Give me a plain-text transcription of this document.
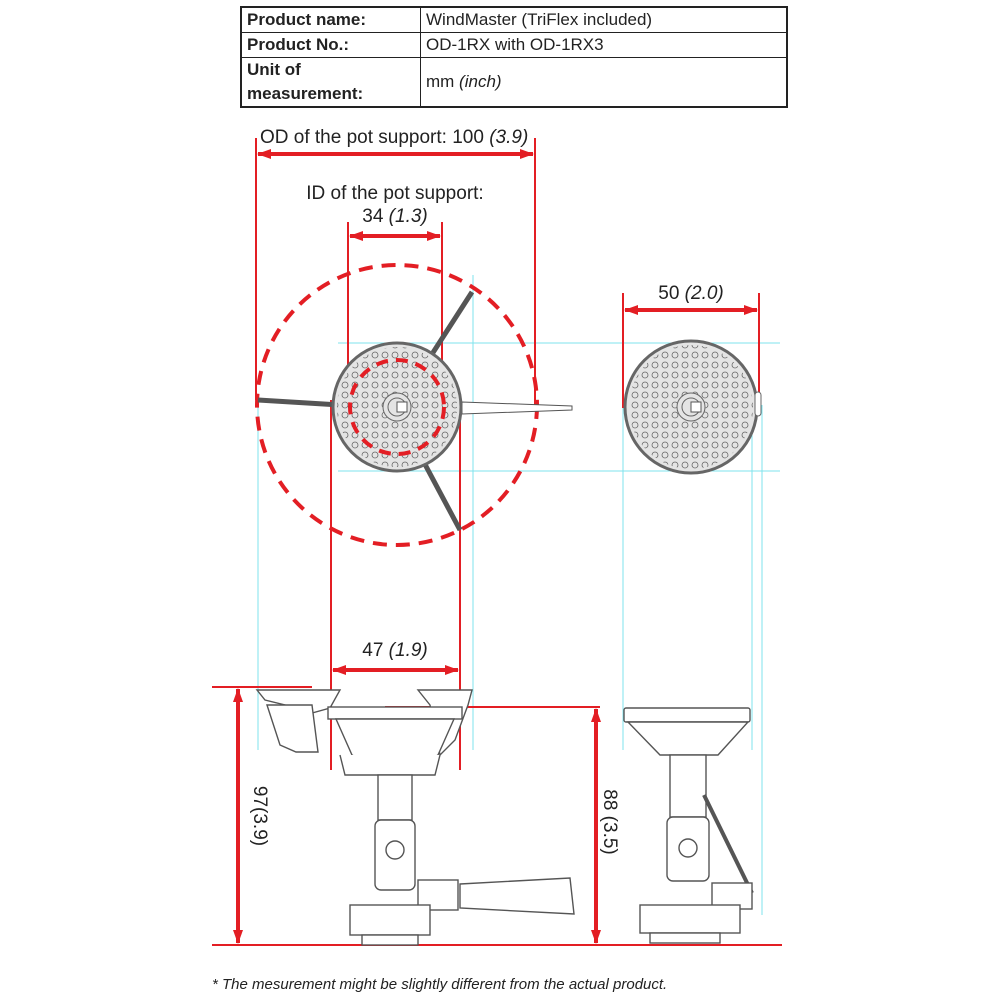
Product name:	WindMaster (TriFlex included)
Product No.:	OD-1RX with OD-1RX3
Unit of measurement:	mm (inch)
OD of the pot support: 100 (3.9)
ID of the pot support:
34 (1.3)
50 (2.0)
47 (1.9)
97(3.9)	88 (3.5)
* The mesurement might be slightly different from the actual product.
